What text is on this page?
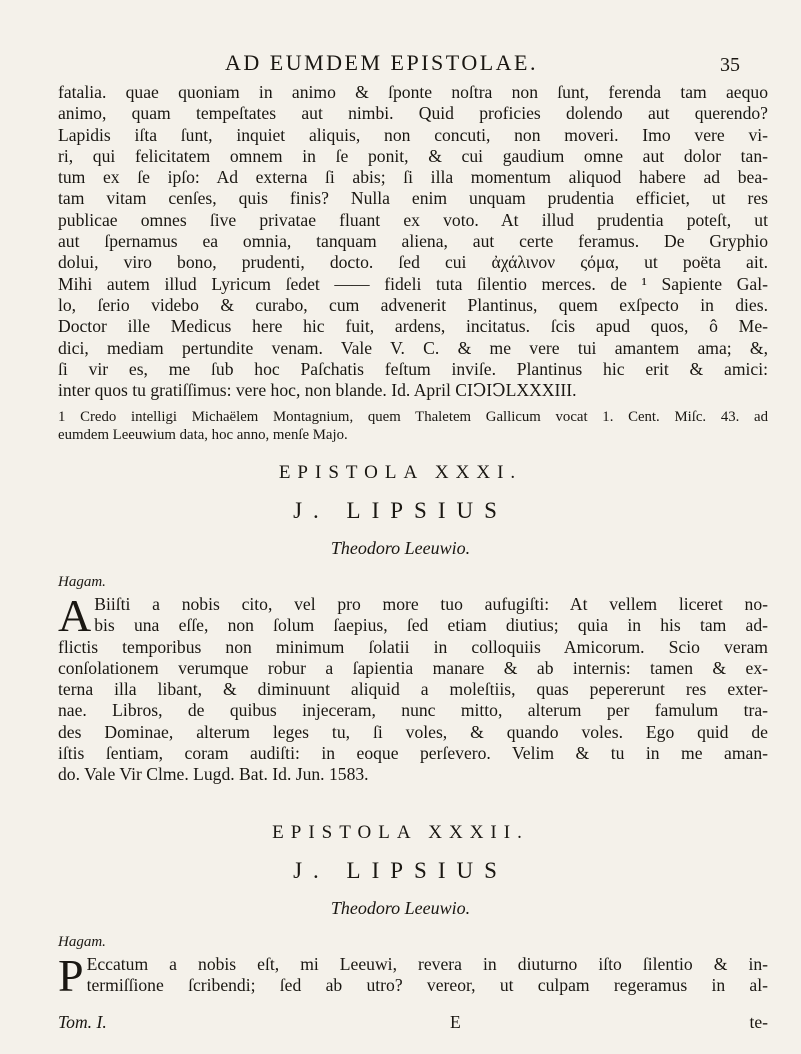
AD EUMDEM EPISTOLAE.	35
fatalia. quae quoniam in animo & ſponte noſtra non ſunt, ferenda tam aequo
animo, quam tempeſtates aut nimbi. Quid proficies dolendo aut querendo?
Lapidis iſta ſunt, inquiet aliquis, non concuti, non moveri. Imo vere vi-
ri, qui felicitatem omnem in ſe ponit, & cui gaudium omne aut dolor tan-
tum ex ſe ipſo: Ad externa ſi abis; ſi illa momentum aliquod habere ad bea-
tam vitam cenſes, quis finis? Nulla enim unquam prudentia efficiet, ut res
publicae omnes ſive privatae fluant ex voto. At illud prudentia poteſt, ut
aut ſpernamus ea omnia, tanquam aliena, aut certe feramus. De Gryphio
dolui, viro bono, prudenti, docto. ſed cui ἀχάλινον ςόμα, ut poëta ait.
Mihi autem illud Lyricum ſedet —— fideli tuta ſilentio merces. de ¹ Sapiente Gal-
lo, ſerio videbo & curabo, cum advenerit Plantinus, quem exſpecto in dies.
Doctor ille Medicus here hic fuit, ardens, incitatus. ſcis apud quos, ô Me-
dici, mediam pertundite venam. Vale V. C. & me vere tui amantem ama; &,
ſi vir es, me ſub hoc Paſchatis feſtum inviſe. Plantinus hic erit & amici:
inter quos tu gratiſſimus: vere hoc, non blande. Id. April CIↃIↃLXXXIII.
1 Credo intelligi Michaëlem Montagnium, quem Thaletem Gallicum vocat 1. Cent. Miſc. 43. ad
eumdem Leeuwium data, hoc anno, menſe Majo.
EPISTOLA XXXI.
J. LIPSIUS
Theodoro Leeuwio.
Hagam.
A Biiſti a nobis cito, vel pro more tuo aufugiſti: At vellem liceret no-
bis una eſſe, non ſolum ſaepius, ſed etiam diutius; quia in his tam ad-
flictis temporibus non minimum ſolatii in colloquiis Amicorum. Scio veram
conſolationem verumque robur a ſapientia manare & ab internis: tamen & ex-
terna illa libant, & diminuunt aliquid a moleſtiis, quas pepererunt res exter-
nae. Libros, de quibus injeceram, nunc mitto, alterum per famulum tra-
des Dominae, alterum leges tu, ſi voles, & quando voles. Ego quid de
iſtis ſentiam, coram audiſti: in eoque perſevero. Velim & tu in me aman-
do. Vale Vir Clme. Lugd. Bat. Id. Jun. 1583.
EPISTOLA XXXII.
J. LIPSIUS
Theodoro Leeuwio.
Hagam.
P Eccatum a nobis eſt, mi Leeuwi, revera in diuturno iſto ſilentio & in-
termiſſione ſcribendi; ſed ab utro? vereor, ut culpam regeramus in al-
Tom. I.	E	te-
